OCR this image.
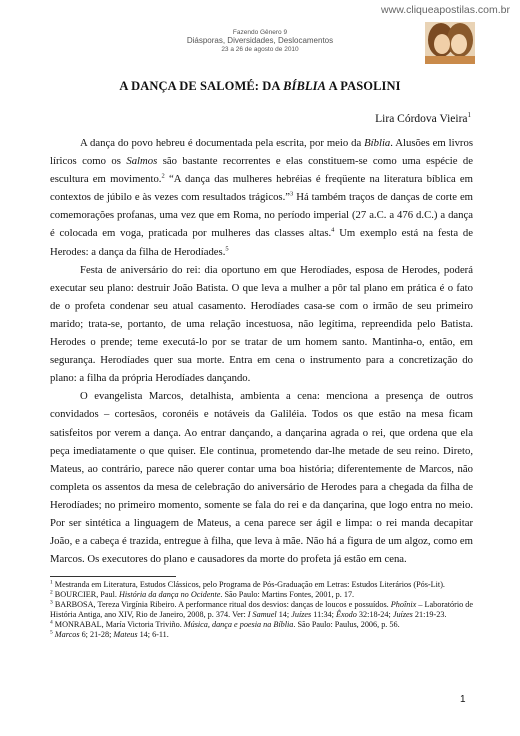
www.cliqueapostilas.com.br
Fazendo Gênero 9
Diásporas, Diversidades, Deslocamentos
23 a 26 de agosto de 2010
A DANÇA DE SALOMÉ: DA BÍBLIA A PASOLINI
Lira Córdova Vieira$^1$

A dança do povo hebreu é documentada pela escrita, por meio da Bíblia. Alusões em livros líricos como os Salmos são bastante recorrentes e elas constituem-se como uma espécie de escultura em movimento.$^2$ “A dança das mulheres hebréias é freqüente na literatura bíblica em contextos de júbilo e às vezes com resultados trágicos.”$^3$ Há também traços de danças de corte em comemorações profanas, uma vez que em Roma, no período imperial (27 a.C. a 476 d.C.) a dança é colocada em voga, praticada por mulheres das classes altas.$^4$ Um exemplo está na festa de Herodes: a dança da filha de Herodíades.$^5$

Festa de aniversário do rei: dia oportuno em que Herodíades, esposa de Herodes, poderá executar seu plano: destruir João Batista. O que leva a mulher a pôr tal plano em prática é o fato de o profeta condenar seu atual casamento. Herodíades casa-se com o irmão de seu primeiro marido; trata-se, portanto, de uma relação incestuosa, não legítima, repreendida pelo Batista. Herodes o prende; teme executá-lo por se tratar de um homem santo. Mantinha-o, então, em segurança. Herodíades quer sua morte. Entra em cena o instrumento para a concretização do plano: a filha da própria Herodíades dançando.

O evangelista Marcos, detalhista, ambienta a cena: menciona a presença de outros convidados – cortesãos, coronéis e notáveis da Galiléia. Todos os que estão na mesa ficam satisfeitos por verem a dança. Ao entrar dançando, a dançarina agrada o rei, que ordena que ela peça imediatamente o que quiser. Ele continua, prometendo dar-lhe metade de seu reino. Direto, Mateus, ao contrário, parece não querer contar uma boa história; diferentemente de Marcos, não completa os assentos da mesa de celebração do aniversário de Herodes para a chegada da filha de Herodíades; no primeiro momento, somente se fala do rei e da dançarina, que logo entra no meio. Por ser sintética a linguagem de Mateus, a cena parece ser ágil e limpa: o rei manda decapitar João, e a cabeça é trazida, entregue à filha, que leva à mãe. Não há a figura de um algoz, como em Marcos. Os executores do plano e causadores da morte do profeta já estão em cena.

$^1$ Mestranda em Literatura, Estudos Clássicos, pelo Programa de Pós-Graduação em Letras: Estudos Literários (Pós-Lit).

$^2$ BOURCIER, Paul. História da dança no Ocidente. São Paulo: Martins Fontes, 2001, p. 17.

$^3$ BARBOSA, Tereza Virgínia Ribeiro. A performance ritual dos desvios: danças de loucos e possuídos. Phoînix – Laboratório de História Antiga, ano XIV, Rio de Janeiro, 2008, p. 374. Ver: I Samuel 14; Juízes 11:34; Êxodo 32:18-24; Juízes 21:19-23.

$^4$ MONRABAL, María Victoria Triviño. Música, dança e poesia na Bíblia. São Paulo: Paulus, 2006, p. 56.

$^5$ Marcos 6; 21-28; Mateus 14; 6-11.

1
